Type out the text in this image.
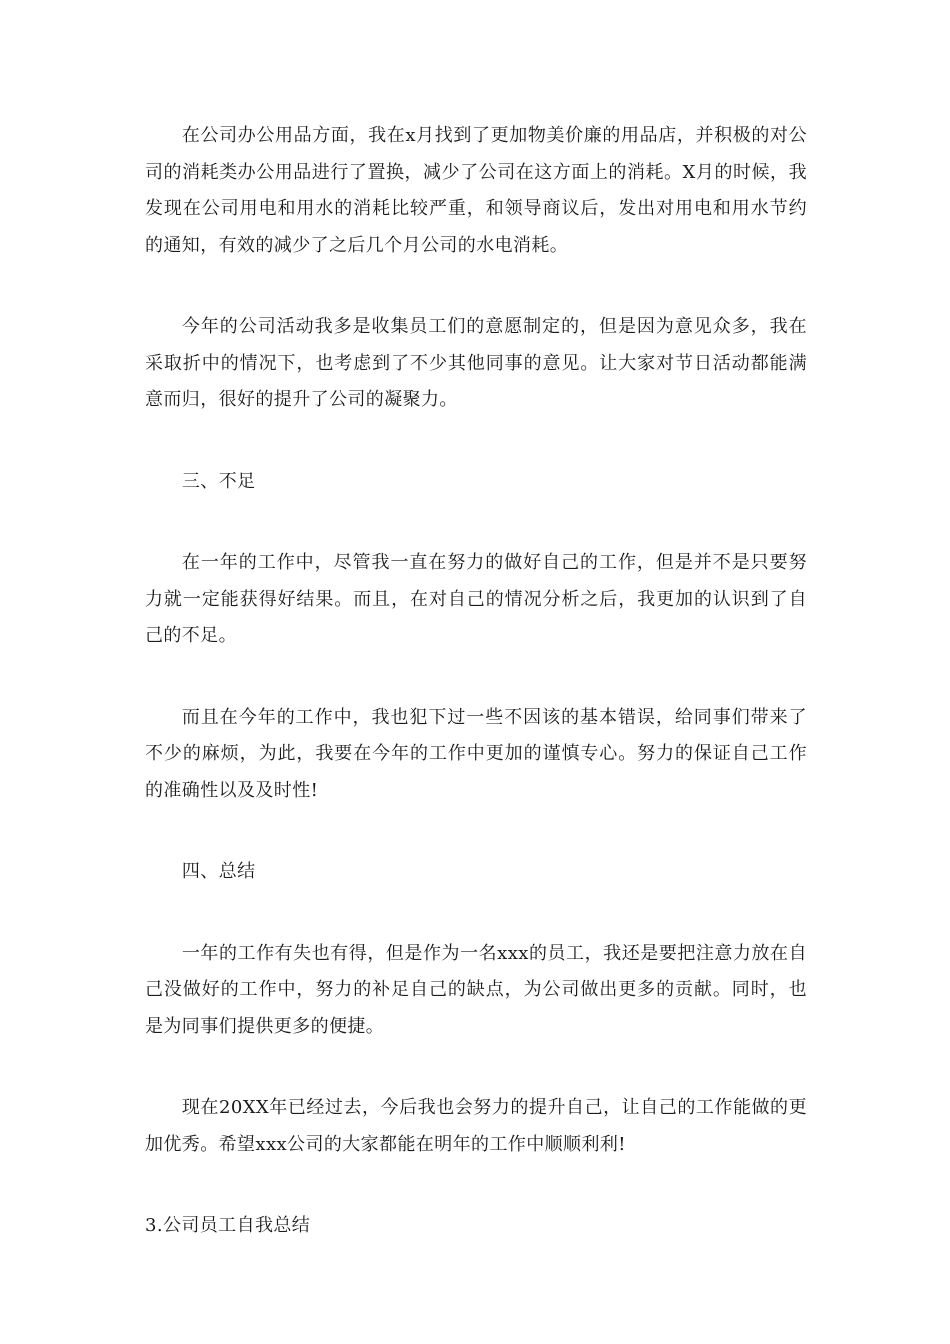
在公司办公用品方面，我在x月找到了更加物美价廉的用品店，并积极的对公司的消耗类办公用品进行了置换，减少了公司在这方面上的消耗。X月的时候，我发现在公司用电和用水的消耗比较严重，和领导商议后，发出对用电和用水节约的通知，有效的减少了之后几个月公司的水电消耗。

今年的公司活动我多是收集员工们的意愿制定的，但是因为意见众多，我在采取折中的情况下，也考虑到了不少其他同事的意见。让大家对节日活动都能满意而归，很好的提升了公司的凝聚力。

三、不足

在一年的工作中，尽管我一直在努力的做好自己的工作，但是并不是只要努力就一定能获得好结果。而且，在对自己的情况分析之后，我更加的认识到了自己的不足。

而且在今年的工作中，我也犯下过一些不因该的基本错误，给同事们带来了不少的麻烦，为此，我要在今年的工作中更加的谨慎专心。努力的保证自己工作的准确性以及及时性!

四、总结

一年的工作有失也有得，但是作为一名xxx的员工，我还是要把注意力放在自己没做好的工作中，努力的补足自己的缺点，为公司做出更多的贡献。同时，也是为同事们提供更多的便捷。

现在20XX年已经过去，今后我也会努力的提升自己，让自己的工作能做的更加优秀。希望xxx公司的大家都能在明年的工作中顺顺利利!

3.公司员工自我总结
